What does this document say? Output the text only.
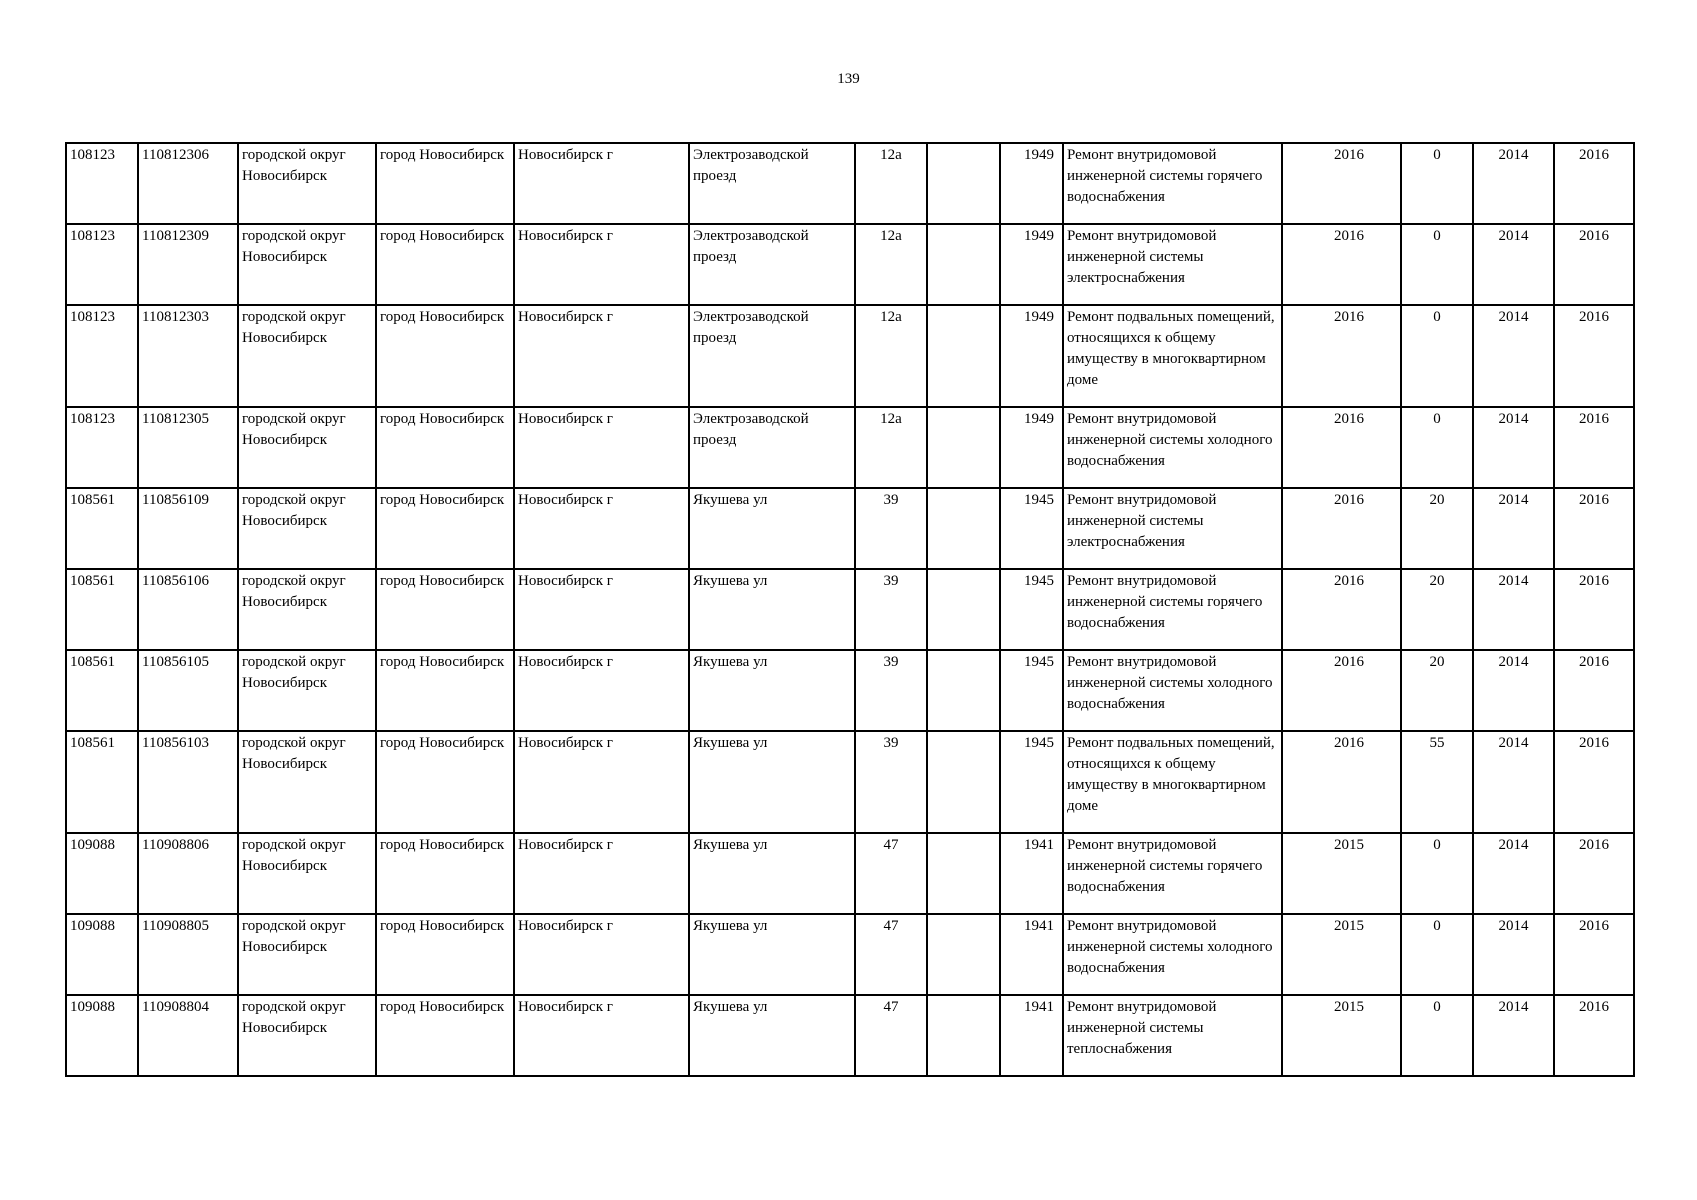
139
108123	110812306	городской округ Новосибирск	город Новосибирск	Новосибирск г	Электрозаводской проезд	12а		1949	Ремонт внутридомовой инженерной системы горячего водоснабжения	2016	0	2014	2016
108123	110812309	городской округ Новосибирск	город Новосибирск	Новосибирск г	Электрозаводской проезд	12а		1949	Ремонт внутридомовой инженерной системы электроснабжения	2016	0	2014	2016
108123	110812303	городской округ Новосибирск	город Новосибирск	Новосибирск г	Электрозаводской проезд	12а		1949	Ремонт подвальных помещений, относящихся к общему имуществу в многоквартирном доме	2016	0	2014	2016
108123	110812305	городской округ Новосибирск	город Новосибирск	Новосибирск г	Электрозаводской проезд	12а		1949	Ремонт внутридомовой инженерной системы холодного водоснабжения	2016	0	2014	2016
108561	110856109	городской округ Новосибирск	город Новосибирск	Новосибирск г	Якушева ул	39		1945	Ремонт внутридомовой инженерной системы электроснабжения	2016	20	2014	2016
108561	110856106	городской округ Новосибирск	город Новосибирск	Новосибирск г	Якушева ул	39		1945	Ремонт внутридомовой инженерной системы горячего водоснабжения	2016	20	2014	2016
108561	110856105	городской округ Новосибирск	город Новосибирск	Новосибирск г	Якушева ул	39		1945	Ремонт внутридомовой инженерной системы холодного водоснабжения	2016	20	2014	2016
108561	110856103	городской округ Новосибирск	город Новосибирск	Новосибирск г	Якушева ул	39		1945	Ремонт подвальных помещений, относящихся к общему имуществу в многоквартирном доме	2016	55	2014	2016
109088	110908806	городской округ Новосибирск	город Новосибирск	Новосибирск г	Якушева ул	47		1941	Ремонт внутридомовой инженерной системы горячего водоснабжения	2015	0	2014	2016
109088	110908805	городской округ Новосибирск	город Новосибирск	Новосибирск г	Якушева ул	47		1941	Ремонт внутридомовой инженерной системы холодного водоснабжения	2015	0	2014	2016
109088	110908804	городской округ Новосибирск	город Новосибирск	Новосибирск г	Якушева ул	47		1941	Ремонт внутридомовой инженерной системы теплоснабжения	2015	0	2014	2016
